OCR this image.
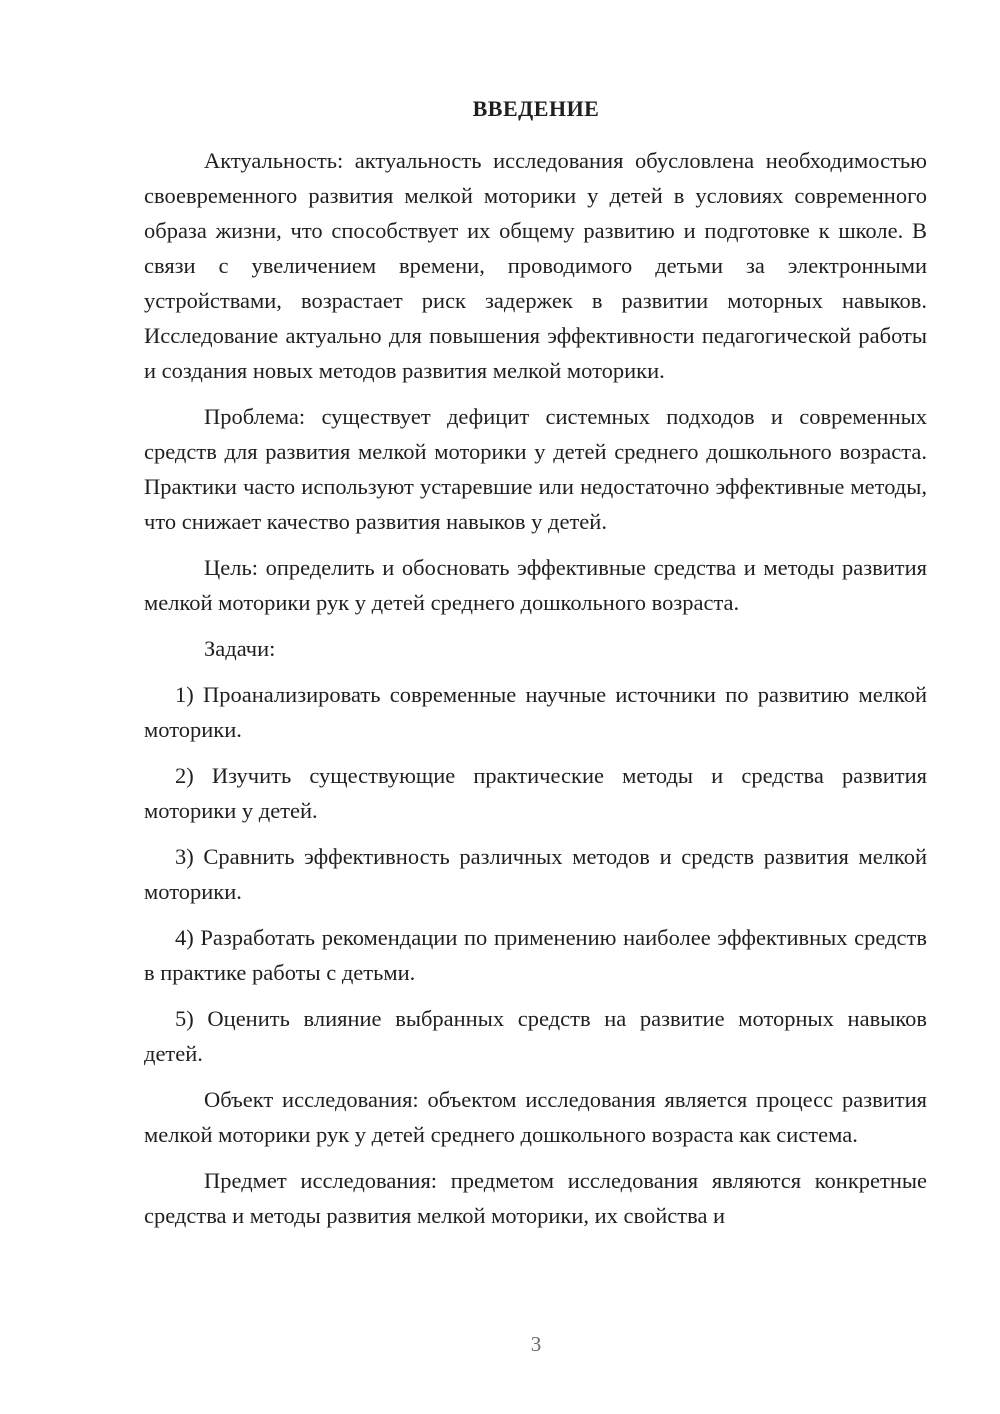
ВВЕДЕНИЕ

Актуальность: актуальность исследования обусловлена необходимостью своевременного развития мелкой моторики у детей в условиях современного образа жизни, что способствует их общему развитию и подготовке к школе. В связи с увеличением времени, проводимого детьми за электронными устройствами, возрастает риск задержек в развитии моторных навыков. Исследование актуально для повышения эффективности педагогической работы и создания новых методов развития мелкой моторики.

Проблема: существует дефицит системных подходов и современных средств для развития мелкой моторики у детей среднего дошкольного возраста. Практики часто используют устаревшие или недостаточно эффективные методы, что снижает качество развития навыков у детей.

Цель: определить и обосновать эффективные средства и методы развития мелкой моторики рук у детей среднего дошкольного возраста.

Задачи:

1) Проанализировать современные научные источники по развитию мелкой моторики.

2) Изучить существующие практические методы и средства развития моторики у детей.

3) Сравнить эффективность различных методов и средств развития мелкой моторики.

4) Разработать рекомендации по применению наиболее эффективных средств в практике работы с детьми.

5) Оценить влияние выбранных средств на развитие моторных навыков детей.

Объект исследования: объектом исследования является процесс развития мелкой моторики рук у детей среднего дошкольного возраста как система.

Предмет исследования: предметом исследования являются конкретные средства и методы развития мелкой моторики, их свойства и

3
